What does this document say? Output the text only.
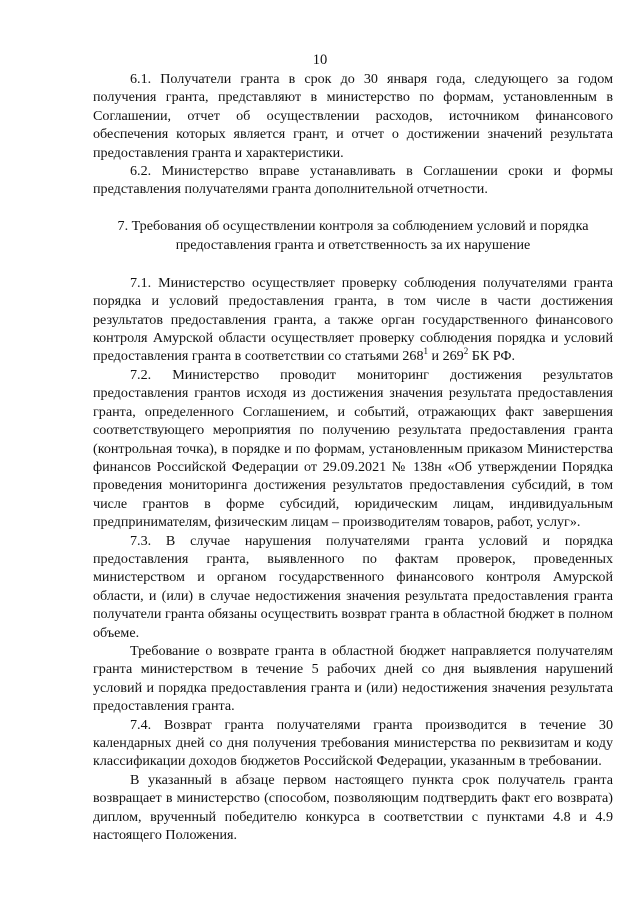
10

6.1. Получатели гранта в срок до 30 января года, следующего за годом получения гранта, представляют в министерство по формам, установленным в Соглашении, отчет об осуществлении расходов, источником финансового обеспечения которых является грант, и отчет о достижении значений результата предоставления гранта и характеристики.

6.2. Министерство вправе устанавливать в Соглашении сроки и формы представления получателями гранта дополнительной отчетности.

7. Требования об осуществлении контроля за соблюдением условий и порядка предоставления гранта и ответственность за их нарушение

7.1. Министерство осуществляет проверку соблюдения получателями гранта порядка и условий предоставления гранта, в том числе в части достижения результатов предоставления гранта, а также орган государственного финансового контроля Амурской области осуществляет проверку соблюдения порядка и условий предоставления гранта в соответствии со статьями $268^1$ и $269^2$ БК РФ.

7.2. Министерство проводит мониторинг достижения результатов предоставления грантов исходя из достижения значения результата предоставления гранта, определенного Соглашением, и событий, отражающих факт завершения соответствующего мероприятия по получению результата предоставления гранта (контрольная точка), в порядке и по формам, установленным приказом Министерства финансов Российской Федерации от 29.09.2021 № 138н «Об утверждении Порядка проведения мониторинга достижения результатов предоставления субсидий, в том числе грантов в форме субсидий, юридическим лицам, индивидуальным предпринимателям, физическим лицам – производителям товаров, работ, услуг».

7.3. В случае нарушения получателями гранта условий и порядка предоставления гранта, выявленного по фактам проверок, проведенных министерством и органом государственного финансового контроля Амурской области, и (или) в случае недостижения значения результата предоставления гранта получатели гранта обязаны осуществить возврат гранта в областной бюджет в полном объеме.

Требование о возврате гранта в областной бюджет направляется получателям гранта министерством в течение 5 рабочих дней со дня выявления нарушений условий и порядка предоставления гранта и (или) недостижения значения результата предоставления гранта.

7.4. Возврат гранта получателями гранта производится в течение 30 календарных дней со дня получения требования министерства по реквизитам и коду классификации доходов бюджетов Российской Федерации, указанным в требовании.

В указанный в абзаце первом настоящего пункта срок получатель гранта возвращает в министерство (способом, позволяющим подтвердить факт его возврата) диплом, врученный победителю конкурса в соответствии с пунктами 4.8 и 4.9 настоящего Положения.
